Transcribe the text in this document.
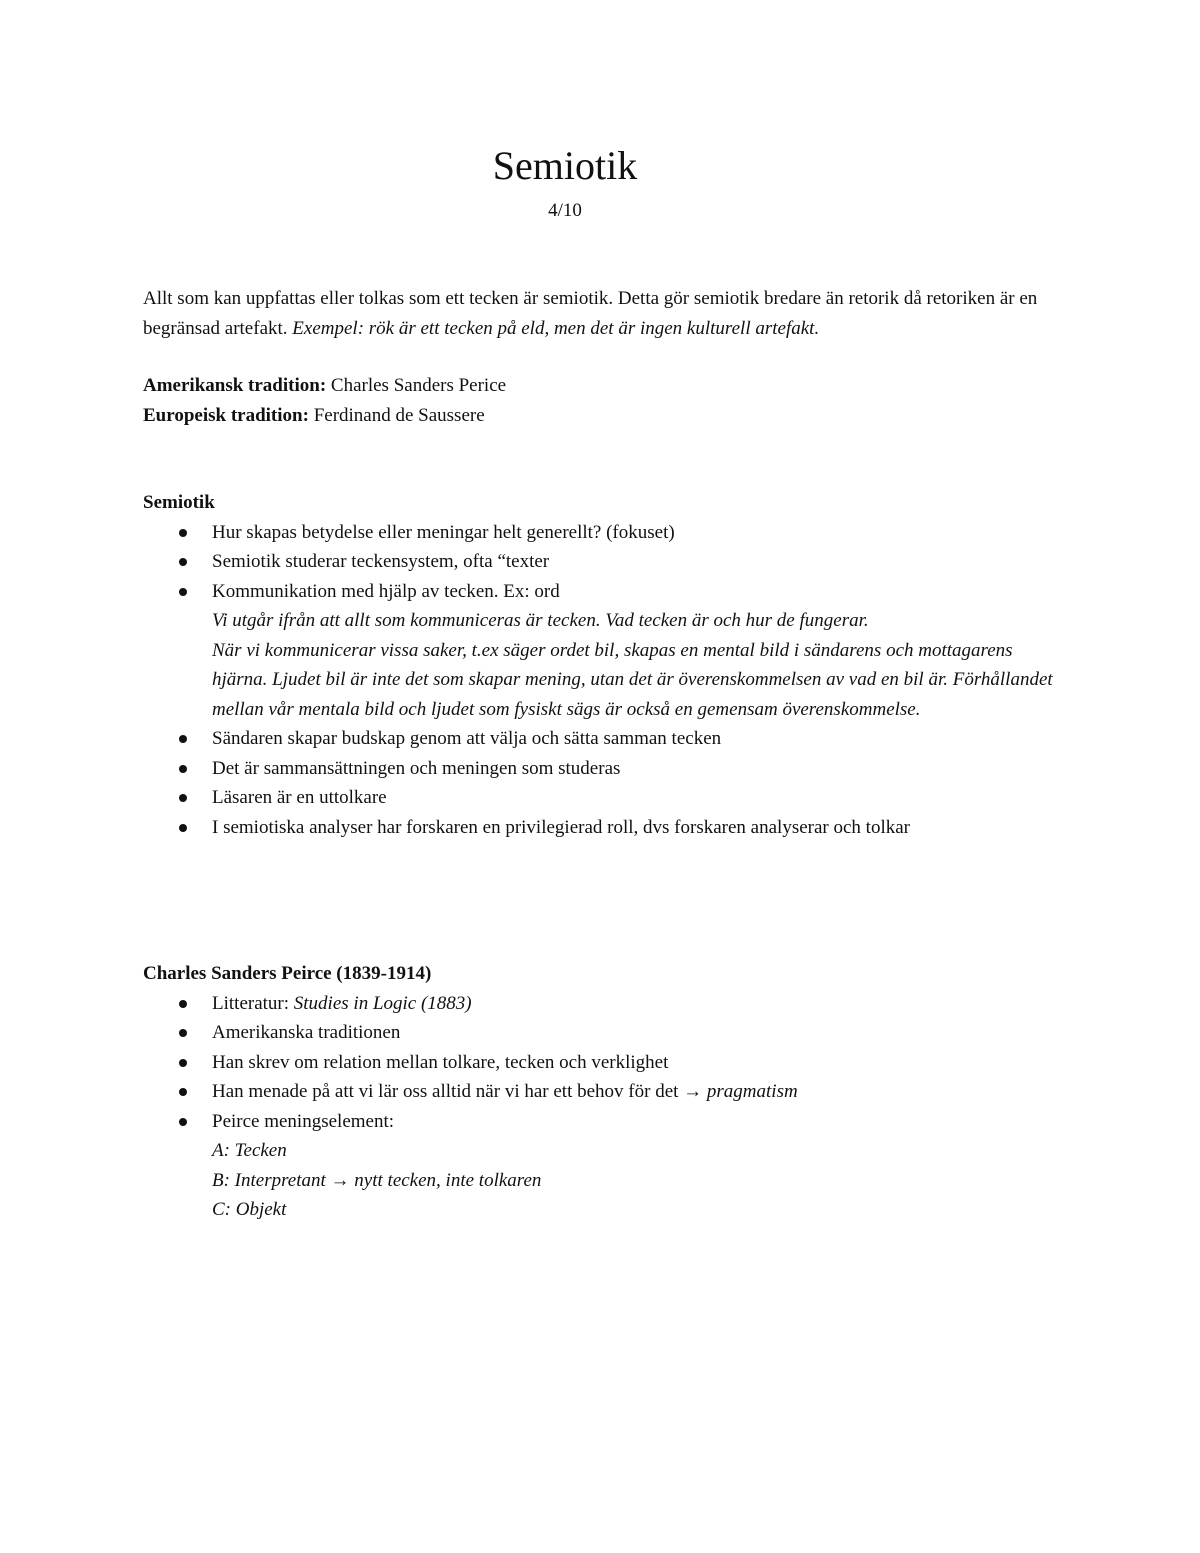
Semiotik
4/10

Allt som kan uppfattas eller tolkas som ett tecken är semiotik. Detta gör semiotik bredare än retorik då retoriken är en begränsad artefakt. Exempel: rök är ett tecken på eld, men det är ingen kulturell artefakt.

Amerikansk tradition: Charles Sanders Perice

Europeisk tradition: Ferdinand de Saussere

Semiotik

Hur skapas betydelse eller meningar helt generellt? (fokuset)
Semiotik studerar teckensystem, ofta “texter
Kommunikation med hjälp av tecken. Ex: ord
Vi utgår ifrån att allt som kommuniceras är tecken. Vad tecken är och hur de fungerar.
När vi kommunicerar vissa saker, t.ex säger ordet bil, skapas en mental bild i sändarens och mottagarens hjärna. Ljudet bil är inte det som skapar mening, utan det är överenskommelsen av vad en bil är. Förhållandet mellan vår mentala bild och ljudet som fysiskt sägs är också en gemensam överenskommelse.
Sändaren skapar budskap genom att välja och sätta samman tecken
Det är sammansättningen och meningen som studeras
Läsaren är en uttolkare
I semiotiska analyser har forskaren en privilegierad roll, dvs forskaren analyserar och tolkar

Charles Sanders Peirce (1839-1914)

Litteratur: Studies in Logic (1883)
Amerikanska traditionen
Han skrev om relation mellan tolkare, tecken och verklighet
Han menade på att vi lär oss alltid när vi har ett behov för det → pragmatism
Peirce meningselement:
A: Tecken
B: Interpretant → nytt tecken, inte tolkaren
C: Objekt
